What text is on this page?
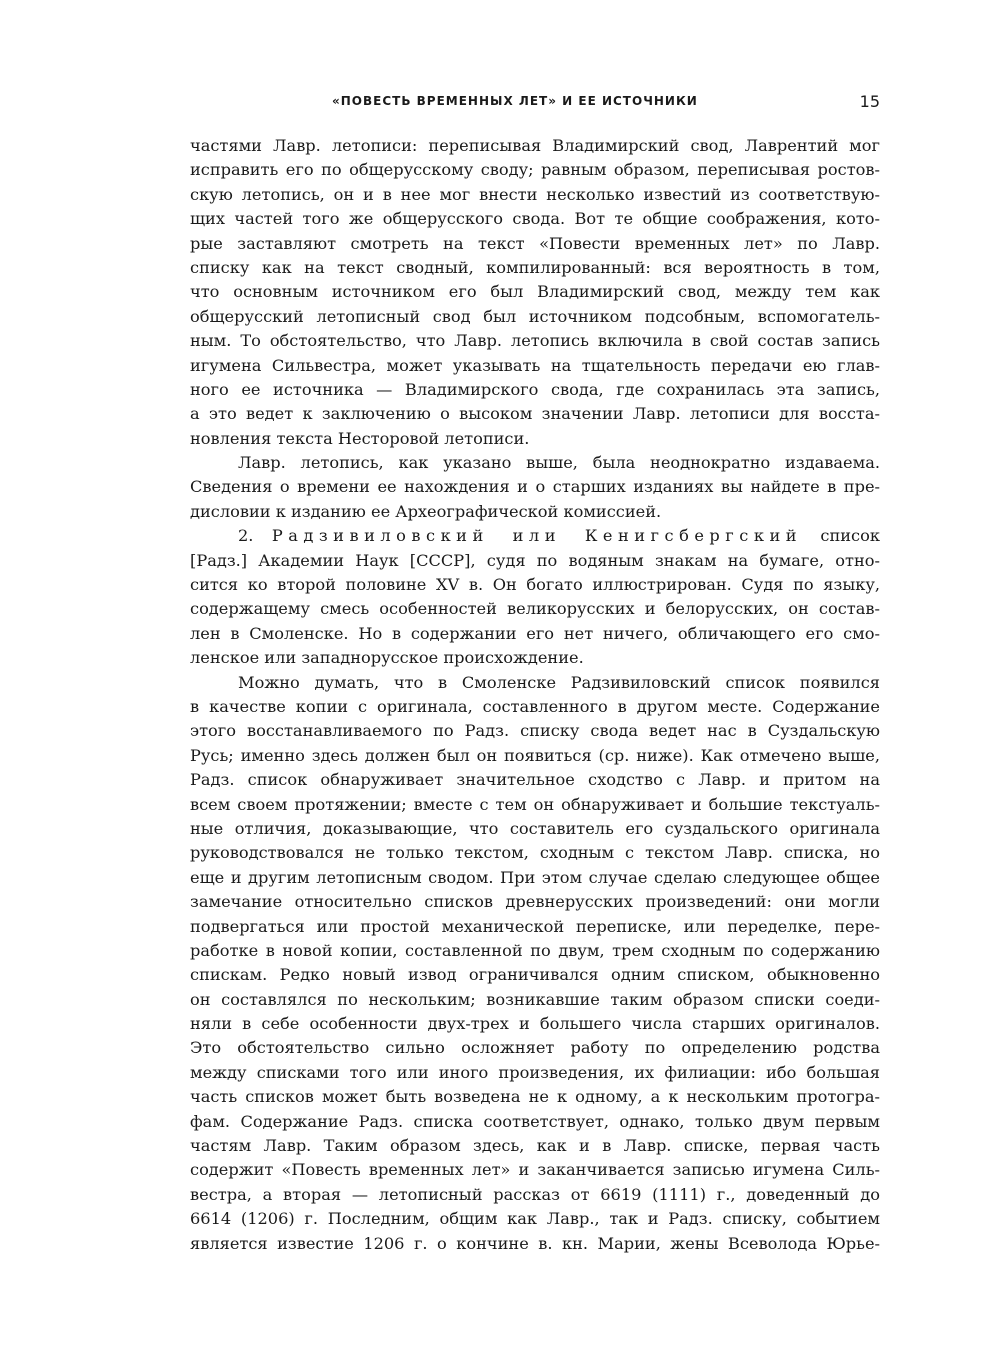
«ПОВЕСТЬ ВРЕМЕННЫХ ЛЕТ» И ЕЕ ИСТОЧНИКИ	15
частями Лавр. летописи: переписывая Владимирский свод, Лаврентий мог
исправить его по общерусскому своду; равным образом, переписывая ростов-
скую летопись, он и в нее мог внести несколько известий из соответствую-
щих частей того же общерусского свода. Вот те общие соображения, кото-
рые заставляют смотреть на текст «Повести временных лет» по Лавр.
списку как на текст сводный, компилированный: вся вероятность в том,
что основным источником его был Владимирский свод, между тем как
общерусский летописный свод был источником подсобным, вспомогатель-
ным. То обстоятельство, что Лавр. летопись включила в свой состав запись
игумена Сильвестра, может указывать на тщательность передачи ею глав-
ного ее источника — Владимирского свода, где сохранилась эта запись,
а это ведет к заключению о высоком значении Лавр. летописи для восста-
новления текста Несторовой летописи.
Лавр. летопись, как указано выше, была неоднократно издаваема.
Сведения о времени ее нахождения и о старших изданиях вы найдете в пре-
дисловии к изданию ее Археографической комиссией.
2. Радзивиловский или Кенигсбергский список
[Радз.] Академии Наук [СССР], судя по водяным знакам на бумаге, отно-
сится ко второй половине XV в. Он богато иллюстрирован. Судя по языку,
содержащему смесь особенностей великорусских и белорусских, он состав-
лен в Смоленске. Но в содержании его нет ничего, обличающего его смо-
ленское или западнорусское происхождение.
Можно думать, что в Смоленске Радзивиловский список появился
в качестве копии с оригинала, составленного в другом месте. Содержание
этого восстанавливаемого по Радз. списку свода ведет нас в Суздальскую
Русь; именно здесь должен был он появиться (ср. ниже). Как отмечено выше,
Радз. список обнаруживает значительное сходство с Лавр. и притом на
всем своем протяжении; вместе с тем он обнаруживает и большие текстуаль-
ные отличия, доказывающие, что составитель его суздальского оригинала
руководствовался не только текстом, сходным с текстом Лавр. списка, но
еще и другим летописным сводом. При этом случае сделаю следующее общее
замечание относительно списков древнерусских произведений: они могли
подвергаться или простой механической переписке, или переделке, пере-
работке в новой копии, составленной по двум, трем сходным по содержанию
спискам. Редко новый извод ограничивался одним списком, обыкновенно
он составлялся по нескольким; возникавшие таким образом списки соеди-
няли в себе особенности двух-трех и большего числа старших оригиналов.
Это обстоятельство сильно осложняет работу по определению родства
между списками того или иного произведения, их филиации: ибо большая
часть списков может быть возведена не к одному, а к нескольким протогра-
фам. Содержание Радз. списка соответствует, однако, только двум первым
частям Лавр. Таким образом здесь, как и в Лавр. списке, первая часть
содержит «Повесть временных лет» и заканчивается записью игумена Силь-
вестра, а вторая — летописный рассказ от 6619 (1111) г., доведенный до
6614 (1206) г. Последним, общим как Лавр., так и Радз. списку, событием
является известие 1206 г. о кончине в. кн. Марии, жены Всеволода Юрье-
